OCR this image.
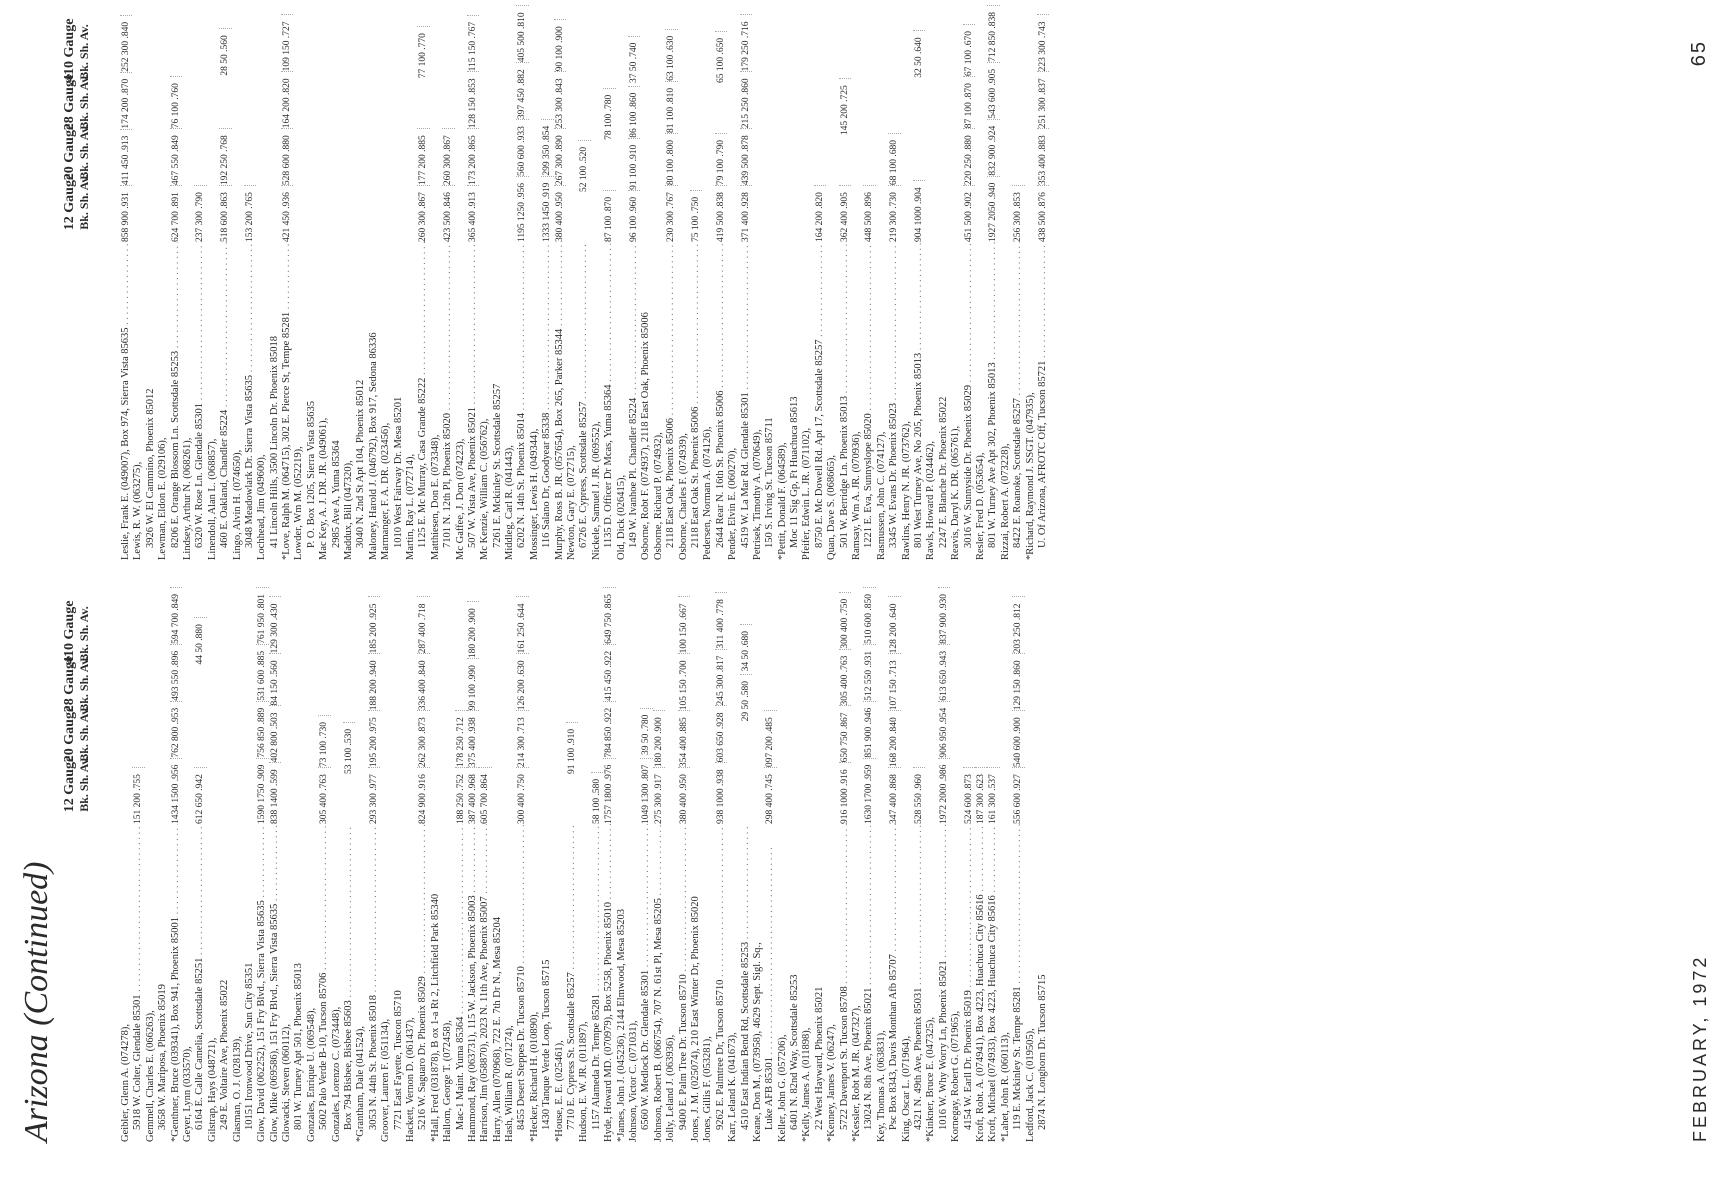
Arizona (Continued)
12 Gauge Bk. Sh. Av.
20 Gauge Bk. Sh. Av.
28 Gauge Bk. Sh. Av.
.410 Gauge Bk. Sh. Av.
12 Gauge Bk. Sh. Av.
20 Gauge Bk. Sh. Av.
28 Gauge Bk. Sh. Av.
.410 Gauge Bk. Sh. Av.
Geibler, Glenn A. (074278), 5918 W. Colter, Glendale 85301 . . .
151 200 .755
Gemmell, Charles E. (066263), 3658 W. Mariposa, Phoenix 85019 *Genthner, Bruce (039341), Box 941, Phoenix 85001 . . .
1434 1500 .956
762 800 .953
493 550 .896
594 700 .849
Geyer, Lynn (033570), 6164 E. Calle Camelia, Scottsdale 85251 . . .
612 650 .942
44 50 .880
Gilstrap, Hays (048721), 249 E. Voltaire Ave, Phoenix 85022 Glasman, O. J. (028139), 10151 Ironwood Drive, Sun City 85351 Glow, David (062252), 151 Fry Blvd., Sierra Vista 85635 . . .
1590 1750 .909
756 850 .889
531 600 .885
761 950 .801
Glow, Mike (069586), 151 Fry Blvd., Sierra Vista 85635 . . .
838 1400 .599
402 800 .503
84 150 .560
129 300 .430
Glowacki, Steven (060112), 801 W. Turney Apt 501, Phoenix 85013 Gonzales, Enrique U. (069548), 5602 Palo Verde B-10, Tucson 85706 . . .
305 400 .763
73 100 .730
Gonzales, Lorenzo C. (073448), Box 794 Bisbee, Bisbee 85603 . . .
53 100 .530
*Grantham, Dale (041524), 3053 N. 44th St. Phoenix 85018 . . .
293 300 .977
195 200 .975
188 200 .940
185 200 .925
Groover, Lauren F. (051134), 7721 East Fayette, Tuscon 85710 Hackett, Vernon D. (061437), 5216 W. Saguaro Dr. Phoenix 85029 . . .
824 900 .916
262 300 .873
336 400 .840
287 400 .718
*Hall, Fred (031878), B ox 1-a Rt 2, Litchfield Park 85340 Hallom, George T. (072458), Mac-1 Maint. Yuma 85364 . . .
188 250 .752
178 250 .712
Hammond, Ray (063731), 115 W. Jackson, Phoenix 85003 . . .
387 400 .968
375 400 .938
99 100 .990
180 200 .900
Harrison, Jim (058870), 2023 N. 11th Ave, Phoenix 85007 . . .
605 700 .864
Harry, Allen (070968), 722 E. 7th Dr N., Mesa 85204 Hash, William R. (071274), 8455 Desert Steppes Dr. Tucson 85710 . . .
300 400 .750
214 300 .713
126 200 .630
161 250 .644
*Hecker, Richard H. (010890), 1430 Tanque Verde Loop, Tucson 85715 *House, E. E. (025461), 7710 E. Cypress St. Scottsdale 85257 . . .
91 100 .910
Hudson, E. W. JR. (011897), 1157 Alameda Dr. Tempe 85281 . . .
58 100 .580
Hyde, Howard MD. (070979), Box 5258, Phoenix 85010 . . .
1757 1800 .976
784 850 .922
415 450 .922
649 750 .865
*James, John J. (045236), 2144 Elmwood, Mesa 85203 Johnson, Victor C. (071031), 6560 W. Medlock Dr. Glendale 85301 . . .
1049 1300 .807
39 50 .780
Johnson, Robert B. (066754), 707 N. 61st Pl, Mesa 85205 . . .
275 300 .917
180 200 .900
Jolly, Leland J. (063936), 9400 E. Palm Tree Dr. Tucson 85710 . . .
380 400 .950
354 400 .885
105 150 .700
100 150 .667
Jones, J. M. (025074), 210 East Winter Dr, Phoenix 85020 Jones, Gillis F. (053281), 9262 E. Palmtree Dr, Tucson 85710 . . .
938 1000 .938
603 650 .928
245 300 .817
311 400 .778
Karr, Leland K. (041673), 4510 East Indian Bend Rd, Scottsdale 85253 . . .
29 50 .580
34 50 .680
Keane, Don M., (073958), 4629 Sept. Sigl. Sq., Luke AFB 85301 . . .
298 400 .745
097 200 .485
Keller, John G. (057206), 6401 N. 82nd Way, Scottsdale 85253 *Kelly, James A. (011898), 22 West Hayward, Phoenix 85021 *Kenney, James V. (06247), 5722 Davenport St. Tucson 85708 . . .
916 1000 .916
650 750 .867
305 400 .763
300 400 .750
*Kessler, Robt M. JR. (047327), 13024 N. 8th Ave, Phoenix 85021 . . .
1630 1700 .959
851 900 .946
512 550 .931
510 600 .850
Key, Thomas A. (063831), Psc Box 8343, Davis Monthan Afb 85707 . . .
347 400 .868
168 200 .840
107 150 .713
128 200 .640
King, Oscar L. (071964), 4321 N. 49th Ave, Phoenix 85031 . . .
528 550 .960
*Kinkner, Bruce E. (047325), 1016 W. Why Worry Ln, Phoenix 85021 . . .
1972 2000 .986
906 950 .954
613 650 .943
837 900 .930
Kornegay, Robert G. (071965), 4154 W. Earll Dr. Phoenix 85019 . . .
524 600 .873
Kroft, Robt. A. (074941), Box 4223, Huachuca City 85616 . . .
187 300 .623
Kroft, Michael (074933), Box 4223, Huachuca City 85616 . . .
161 300 .537
*Lahet, John R. (060113), 119 E. Mckinley St. Tempe 85281 . . .
556 600 .927
540 600 .900
129 150 .860
203 250 .812
Ledford, Jack C. (019505), 2874 N. Longhorn Dr. Tucson 85715
Leslie, Frank E. (049007), Box 974, Sierra Vista 85635 . . .
858 900 .931
411 450 .913
174 200 .870
252 300 .840
Lewis, R. W. (063275), 3926 W. El Cammino, Phoenix 85012 Lewman, Eldon E. (029106), 8206 E. Orange Blossom Ln. Scottsdale 85253 . . .
624 700 .891
467 550 .849
76 100 .760
Lindsey, Arthur N. (068261), 6320 W. Rose Ln. Glendale 85301 . . .
237 300 .790
Linendoll, Alan L. (068857), 460 E. Oakland, Chandler 85224 . . .
518 600 .863
192 250 .768
28 50 .560
Lingo, Alvin H. (074650), 3048 Meadowlark Dr. Sierra Vista 85635 . . .
153 200 .765
Lochhead, Jim (049600), 41 Lincoln Hills, 3500 Lincoln Dr. Phoenix 85018 *Love, Ralph M. (064715), 302 E. Pierce St, Tempe 85281 . . .
421 450 .936
528 600 .880
164 200 .820
109 150 .727
Lowder, Wm M. (052219), P. O. Box 1205, Sierra Vista 85635 Mac Key, A. J. DR. JR. (049061), 2985 Ave A, Yuma 85364 Maddux, Bill (047320), 3040 N. 2nd St Apt 104, Phoenix 85012 Maloney, Harold J. (046792), Box 917, Sedona 86336 Marmanger, F. A. DR. (023456), 1010 West Fairway Dr. Mesa 85201 Martin, Ray L. (072714), 1125 E. Mc Murray, Casa Grande 85222 . . .
260 300 .867
177 200 .885
77 100 .770
Matthiesen, Don E. (073348), 7101 N. 12th Pl, Phoenix 85020 . . .
423 500 .846
260 300 .867
Mc Gaffee, J. Don (074223), 507 W. Vista Ave, Phoenix 85021 . . .
365 400 .913
173 200 .865
128 150 .853
115 150 .767
Mc Kenzie, William C. (056762), 7261 E. Mckinley St. Scottsdale 85257 Middleg, Carl R. (041443), 6202 N. 14th St. Phoenix 85014 . . .
1195 1250 .956
560 600 .933
397 450 .882
405 500 .810
Mossinger, Lewis H. (049344), 116 Salano Dr, Goodyear 85338 . . .
1333 1450 .919
299 350 .854
Murphy, Ross B. JR. (057654), Box 265, Parker 85344 . . .
380 400 .950
267 300 .890
253 300 .843
90 100 .900
Newton, Gary E. (072715), 6726 E. Cypress, Scottsdale 85257 . . .
52 100 .520
Nickele, Samuel J. JR. (069552), 1135 D. Officer Dr Mcas, Yuma 85364 . . .
87 100 .870
78 100 .780
Old, Dick (026415), 149 W. Ivanhoe Pl. Chandler 85224 . . .
96 100 .960
91 100 .910
86 100 .860
37 50 .740
Osborne, Robt F. (074937), 2118 East Oak, Phoenix 85006 Osborne, Richard P. (074932), 2118 East Oak, Phoenix 85006 . . .
230 300 .767
80 100 .800
81 100 .810
63 100 .630
Osborne, Charles F. (074939), 2118 East Oak St. Phoenix 85006 . . .
75 100 .750
Pedersen, Norman A. (074126), 2644 Rear N. 16th St. Phoenix 85006 . . .
419 500 .838
79 100 .790
65 100 .650
Pender, Elvin E. (060270), 4519 W. La Mar Rd. Glendale 85301 . . .
371 400 .928
439 500 .878
215 250 .860
179 250 .716
Petrisek, Timothy A. (070649), 150 S. Irving St. Tucson 85711 *Pettit, Donald F. (064589), Moc 11 Sig Gp, Ft Huachuca 85613 Pfeifer, Edwin L. JR. (071102), 8750 E. Mc Dowell Rd. Apt 17, Scottsdale 85257 . . .
164 200 .820
Quan, Dave S. (068665), 501 W. Berridge Ln. Phoenix 85013 . . .
362 400 .905
145 200 .725
Ramsay, Wm A. JR. (070936), 1221 E. Eva, Sunnyslope 85020 . . .
448 500 .896
Rasmussen, John C. (074127), 3345 W. Evans Dr. Phoenix 85023 . . .
219 300 .730
68 100 .680
Rawlins, Henry N. JR. (073762), 801 West Turney Ave, No 205, Phoenix 85013 . . .
904 1000 .904
32 50 .640
Rawls, Howard P. (024462), 2247 E. Blanche Dr. Phoenix 85022 Reavis, Daryl K. DR. (065761), 3016 W. Sunnyside Dr. Phoenix 85029 . . .
451 500 .902
220 250 .880
87 100 .870
67 100 .670
Resler, Fred D. (053654), 801 W. Turney Ave Apt 302, Phoenix 85013 . . .
1927 2050 .940
832 900 .924
543 600 .905
712 850 .838
Rizzai, Robert A. (073228), 8422 E. Roanoke, Scottsdale 85257 . . .
256 300 .853
*Richard, Raymond J. SSGT. (047935), U. Of Arizona, AFROTC Off, Tucson 85721 . . .
438 500 .876
353 400 .883
251 300 .837
223 300 .743
FEBRUARY, 1972
65
